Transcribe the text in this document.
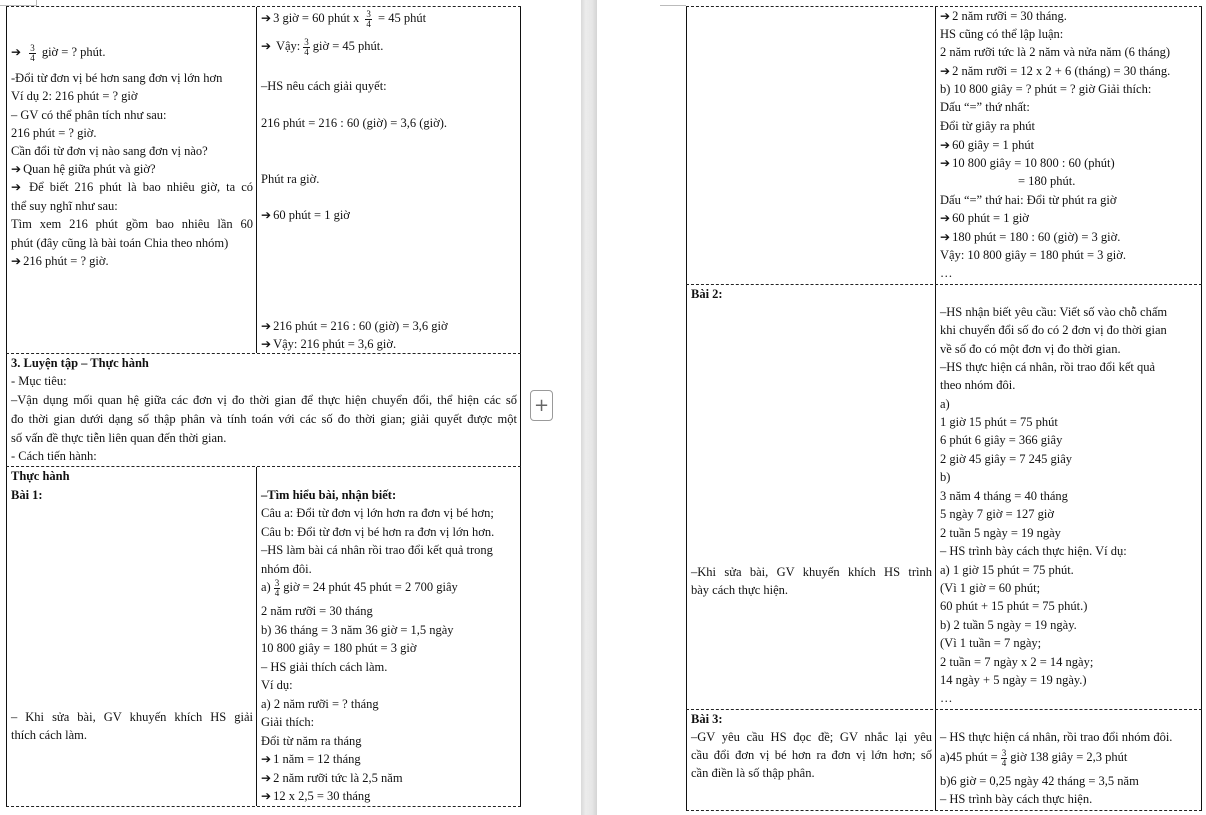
➔ $\frac{3}{4}$ giờ = ? phút.
-Đổi từ đơn vị bé hơn sang đơn vị lớn hơn
Ví dụ 2: 216 phút = ? giờ
– GV có thể phân tích như sau:
216 phút = ? giờ.
Cần đổi từ đơn vị nào sang đơn vị nào?
➔ Quan hệ giữa phút và giờ?
➔ Để biết 216 phút là bao nhiêu giờ, ta có
thể suy nghĩ như sau:
Tìm xem 216 phút gồm bao nhiêu lần 60
phút (đây cũng là bài toán Chia theo nhóm)
➔ 216 phút = ? giờ.
➔ 3 giờ = 60 phút x $\frac{3}{4} = 45$ phút
➔ Vậy: $\frac{3}{4}$ giờ = 45 phút.
–HS nêu cách giải quyết:
216 phút = 216 : 60 (giờ) = 3,6 (giờ).
Phút ra giờ.
➔ 60 phút = 1 giờ
➔ 216 phút = 216 : 60 (giờ) = 3,6 giờ
➔ Vậy: 216 phút = 3,6 giờ.
3. Luyện tập – Thực hành
- Mục tiêu:
–Vận dụng mối quan hệ giữa các đơn vị đo thời gian để thực hiện chuyển đổi, thể hiện các số
đo thời gian dưới dạng số thập phân và tính toán với các số đo thời gian; giải quyết được một
số vấn đề thực tiễn liên quan đến thời gian.
- Cách tiến hành:
Thực hành
Bài 1:
– Khi sửa bài, GV khuyến khích HS giải
thích cách làm.
–Tìm hiểu bài, nhận biết:
Câu a: Đổi từ đơn vị lớn hơn ra đơn vị bé hơn;
Câu b: Đổi từ đơn vị bé hơn ra đơn vị lớn hơn.
–HS làm bài cá nhân rồi trao đổi kết quả trong
nhóm đôi.
$a) \frac{3}{4}$ giờ = 24 phút 45 phút = 2 700 giây
2 năm rưỡi = 30 tháng
b) 36 tháng = 3 năm 36 giờ = 1,5 ngày
10 800 giây = 180 phút = 3 giờ
– HS giải thích cách làm.
Ví dụ:
a) 2 năm rưỡi = ? tháng
Giải thích:
Đổi từ năm ra tháng
➔ 1 năm = 12 tháng
➔ 2 năm rưỡi tức là 2,5 năm
➔ 12 x 2,5 = 30 tháng
+
➔ 2 năm rưỡi = 30 tháng.
HS cũng có thể lập luận:
2 năm rưỡi tức là 2 năm và nửa năm (6 tháng)
➔ 2 năm rưỡi = 12 x 2 + 6 (tháng) = 30 tháng.
b) 10 800 giây = ? phút = ? giờ Giải thích:
Dấu “=” thứ nhất:
Đổi từ giây ra phút
➔ 60 giây = 1 phút
➔ 10 800 giây = 10 800 : 60 (phút)
= 180 phút.
Dấu “=” thứ hai: Đổi từ phút ra giờ
➔ 60 phút = 1 giờ
➔ 180 phút = 180 : 60 (giờ) = 3 giờ.
Vậy: 10 800 giây = 180 phút = 3 giờ.
…
Bài 2:
–Khi sửa bài, GV khuyến khích HS trình
bày cách thực hiện.
–HS nhận biết yêu cầu: Viết số vào chỗ chấm
khi chuyển đổi số đo có 2 đơn vị đo thời gian
về số đo có một đơn vị đo thời gian.
–HS thực hiện cá nhân, rồi trao đổi kết quả
theo nhóm đôi.
a)
1 giờ 15 phút = 75 phút
6 phút 6 giây = 366 giây
2 giờ 45 giây = 7 245 giây
b)
3 năm 4 tháng = 40 tháng
5 ngày 7 giờ = 127 giờ
2 tuần 5 ngày = 19 ngày
– HS trình bày cách thực hiện. Ví dụ:
a) 1 giờ 15 phút = 75 phút.
(Vì 1 giờ = 60 phút;
60 phút + 15 phút = 75 phút.)
b) 2 tuần 5 ngày = 19 ngày.
(Vì 1 tuần = 7 ngày;
2 tuần = 7 ngày x 2 = 14 ngày;
14 ngày + 5 ngày = 19 ngày.)
…
Bài 3:
–GV yêu cầu HS đọc đề; GV nhắc lại yêu
cầu đổi đơn vị bé hơn ra đơn vị lớn hơn; số
cần điền là số thập phân.
– HS thực hiện cá nhân, rồi trao đổi nhóm đôi.
a)45 phút = $\frac{3}{4}$ giờ 138 giây = 2,3 phút
b)6 giờ = 0,25 ngày 42 tháng = 3,5 năm
– HS trình bày cách thực hiện.
